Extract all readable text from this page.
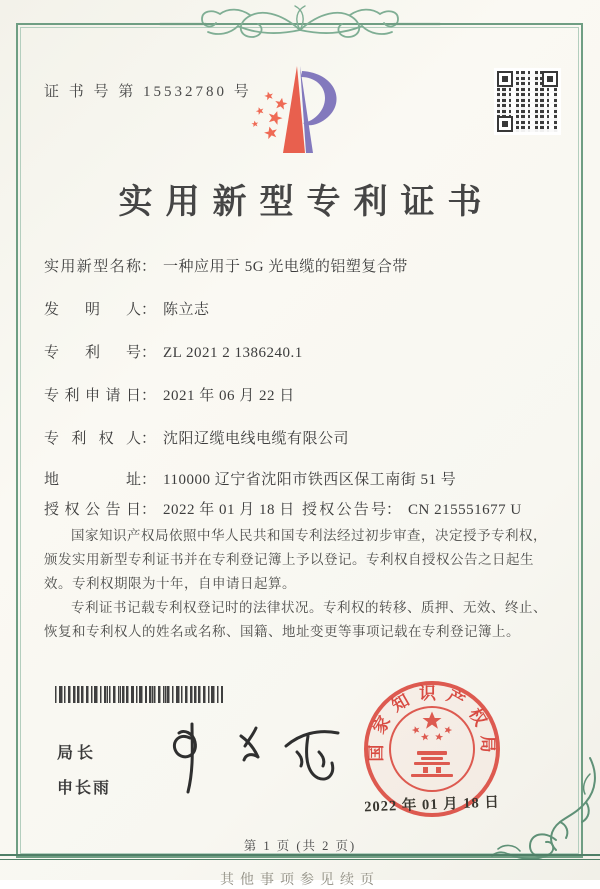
证 书 号 第 15532780 号
实用新型专利证书
实用新型名称： 一种应用于 5G 光电缆的铝塑复合带
发明人： 陈立志
专利号： ZL 2021 2 1386240.1
专利申请日： 2021 年 06 月 22 日
专利权人： 沈阳辽缆电线电缆有限公司
地址： 110000 辽宁省沈阳市铁西区保工南街 51 号
授权公告日： 2022 年 01 月 18 日 授权公告号： CN 215551677 U

国家知识产权局依照中华人民共和国专利法经过初步审查，决定授予专利权，颁发实用新型专利证书并在专利登记簿上予以登记。专利权自授权公告之日起生效。专利权期限为十年，自申请日起算。

专利证书记载专利权登记时的法律状况。专利权的转移、质押、无效、终止、恢复和专利权人的姓名或名称、国籍、地址变更等事项记载在专利登记簿上。

局长
申长雨
国家知识产权局
2022 年 01 月 18 日
第 1 页 (共 2 页)
其他事项参见续页
